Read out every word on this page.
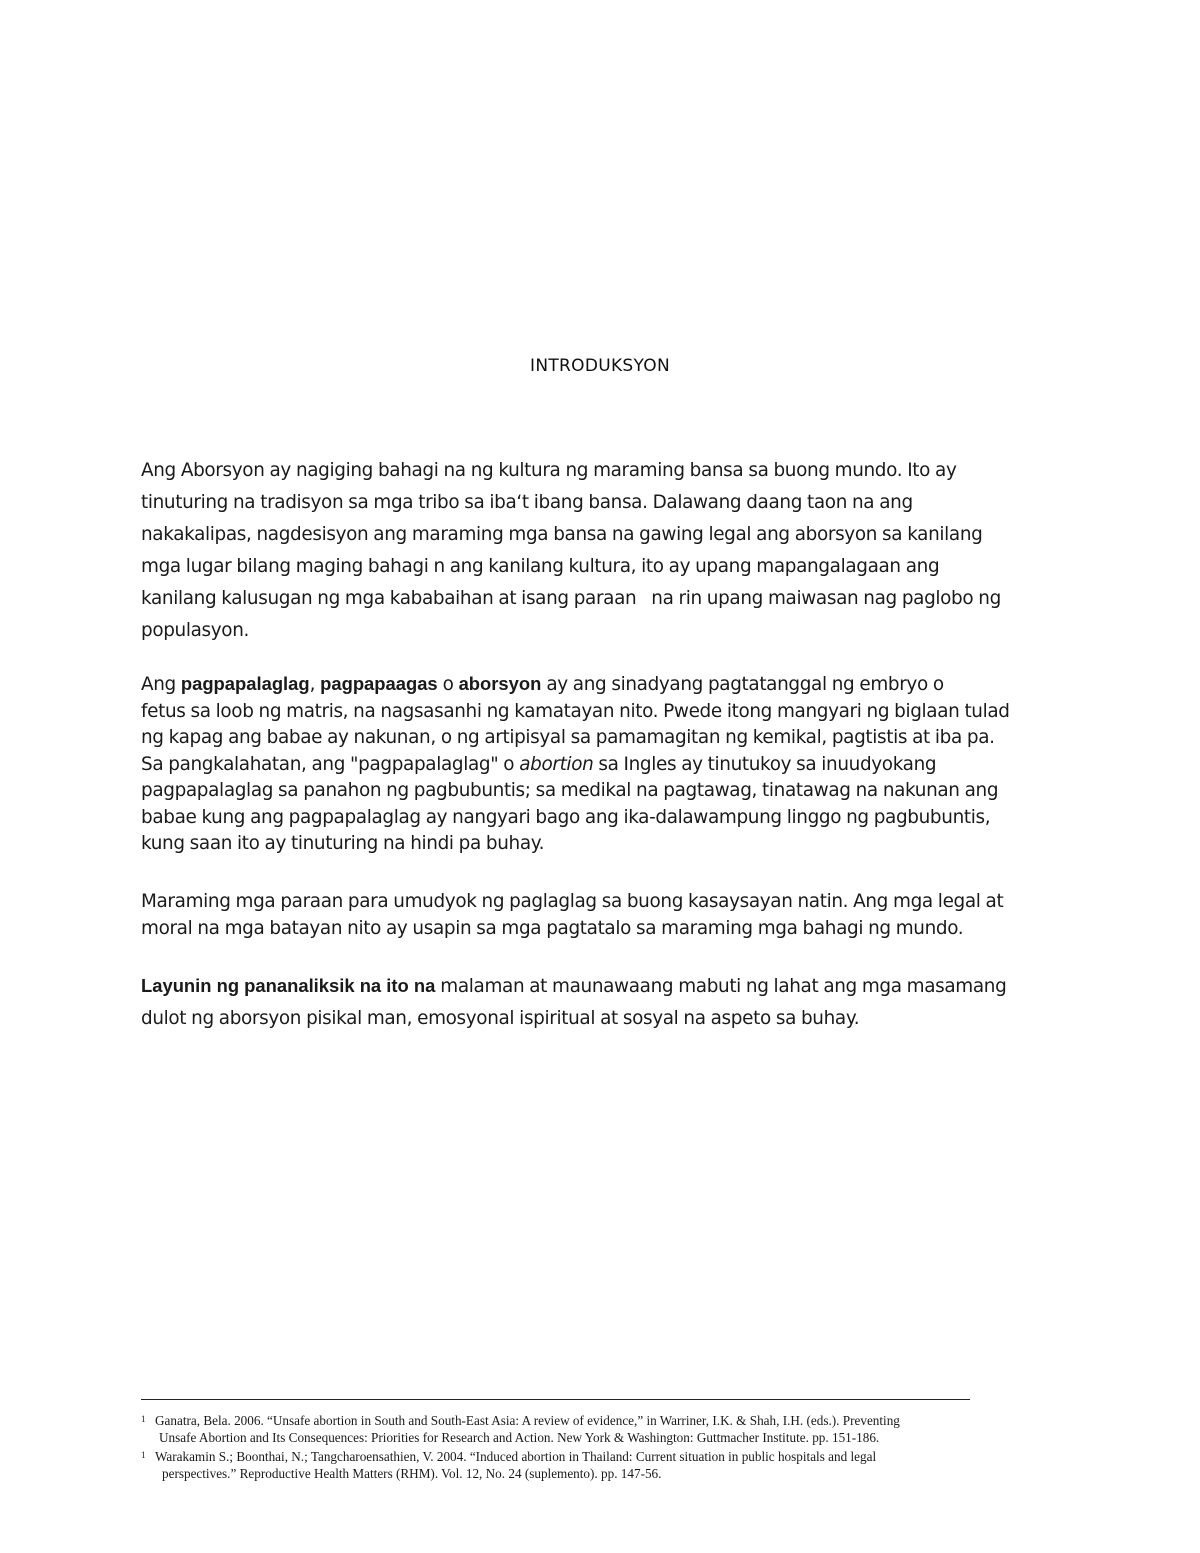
INTRODUKSYON

Ang Aborsyon ay nagiging bahagi na ng kultura ng maraming bansa sa buong mundo. Ito ay
tinuturing na tradisyon sa mga tribo sa iba‘t ibang bansa. Dalawang daang taon na ang
nakakalipas, nagdesisyon ang maraming mga bansa na gawing legal ang aborsyon sa kanilang
mga lugar bilang maging bahagi n ang kanilang kultura, ito ay upang mapangalagaan ang
kanilang kalusugan ng mga kababaihan at isang paraan   na rin upang maiwasan nag paglobo ng
populasyon.

Ang pagpapalaglag, pagpapaagas o aborsyon ay ang sinadyang pagtatanggal ng embryo o
fetus sa loob ng matris, na nagsasanhi ng kamatayan nito. Pwede itong mangyari ng biglaan tulad
ng kapag ang babae ay nakunan, o ng artipisyal sa pamamagitan ng kemikal, pagtistis at iba pa.
Sa pangkalahatan, ang "pagpapalaglag" o abortion sa Ingles ay tinutukoy sa inuudyokang
pagpapalaglag sa panahon ng pagbubuntis; sa medikal na pagtawag, tinatawag na nakunan ang
babae kung ang pagpapalaglag ay nangyari bago ang ika-dalawampung linggo ng pagbubuntis,
kung saan ito ay tinuturing na hindi pa buhay.

Maraming mga paraan para umudyok ng paglaglag sa buong kasaysayan natin. Ang mga legal at
moral na mga batayan nito ay usapin sa mga pagtatalo sa maraming mga bahagi ng mundo.

Layunin ng pananaliksik na ito na malaman at maunawaang mabuti ng lahat ang mga masamang
dulot ng aborsyon pisikal man, emosyonal ispiritual at sosyal na aspeto sa buhay.

1 Ganatra, Bela. 2006. “Unsafe abortion in South and South-East Asia: A review of evidence,” in Warriner, I.K. & Shah, I.H. (eds.). Preventing
Unsafe Abortion and Its Consequences: Priorities for Research and Action. New York & Washington: Guttmacher Institute. pp. 151-186.

1 Warakamin S.; Boonthai, N.; Tangcharoensathien, V. 2004. “Induced abortion in Thailand: Current situation in public hospitals and legal
perspectives.” Reproductive Health Matters (RHM). Vol. 12, No. 24 (suplemento). pp. 147-56.
